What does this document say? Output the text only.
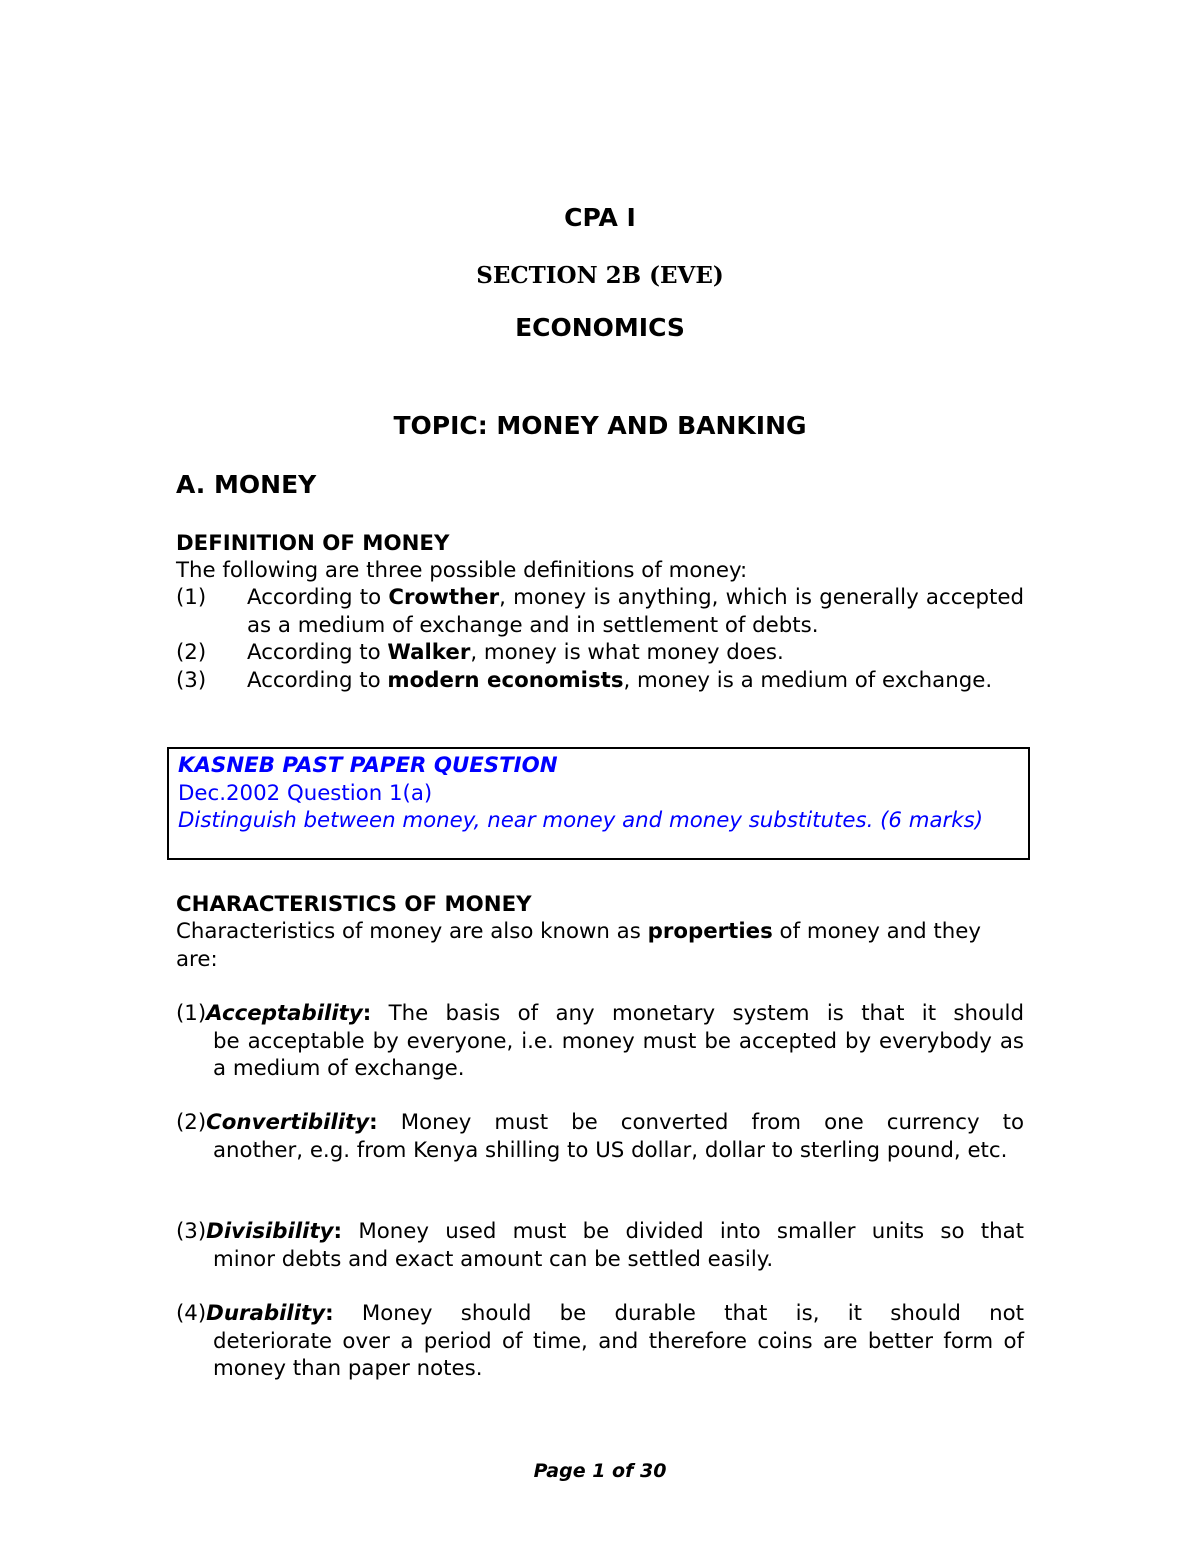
CPA I
SECTION 2B (EVE)
ECONOMICS
TOPIC: MONEY AND BANKING
A. MONEY
DEFINITION OF MONEY
The following are three possible definitions of money:
(1)	According to Crowther, money is anything, which is generally accepted as a medium of exchange and in settlement of debts.
(2)	According to Walker, money is what money does.
(3)	According to modern economists, money is a medium of exchange.
KASNEB PAST PAPER QUESTION
Dec.2002 Question 1(a)
Distinguish between money, near money and money substitutes. (6 marks)
CHARACTERISTICS OF MONEY
Characteristics of money are also known as properties of money and they are:
(1)Acceptability: The basis of any monetary system is that it should
be acceptable by everyone, i.e. money must be accepted by everybody as a medium of exchange.
(2)Convertibility: Money must be converted from one currency to
another, e.g. from Kenya shilling to US dollar, dollar to sterling pound, etc.
(3)Divisibility: Money used must be divided into smaller units so that
minor debts and exact amount can be settled easily.
(4)Durability: Money should be durable that is, it should not
deteriorate over a period of time, and therefore coins are better form of money than paper notes.
Page 1 of 30
